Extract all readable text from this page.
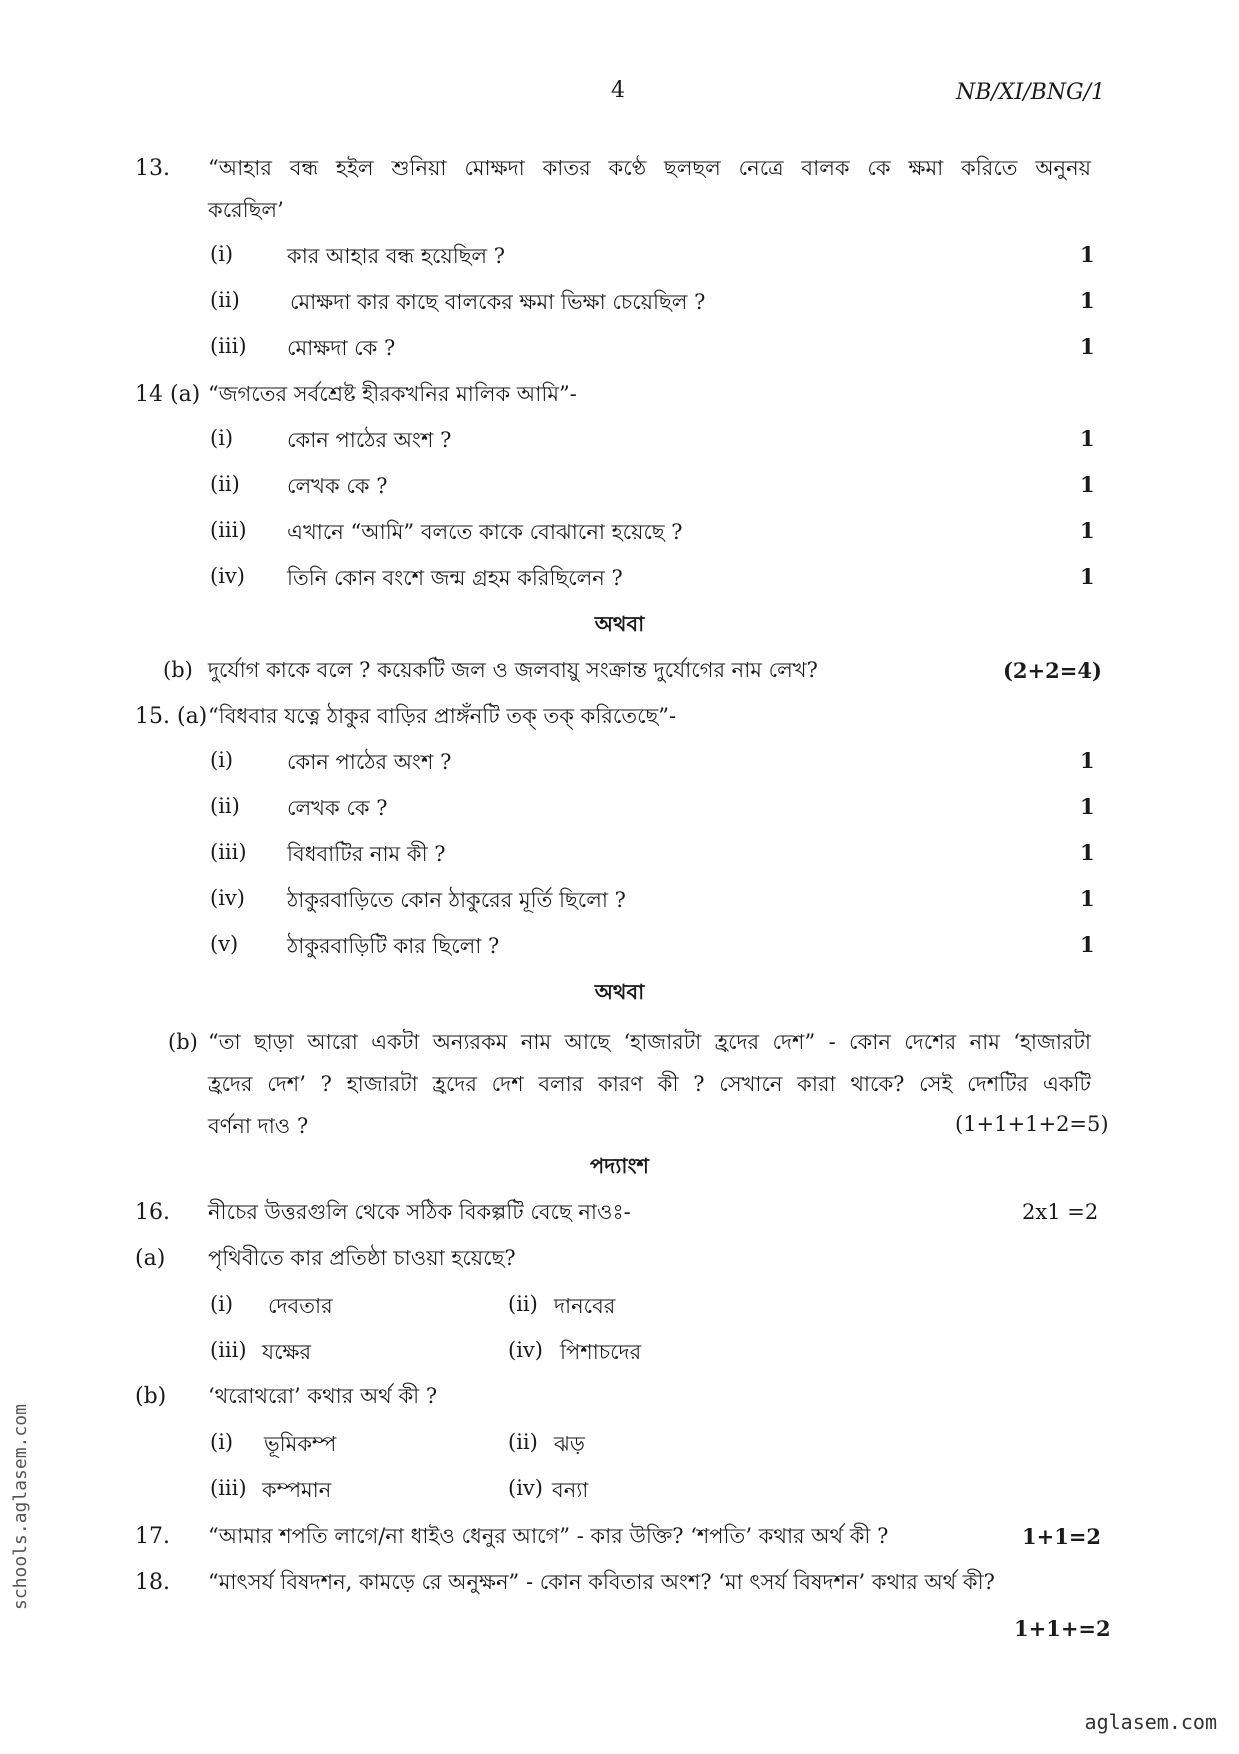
4	NB/XI/BNG/1
13. “আহার বন্ধ হইল শুনিয়া মোক্ষদা কাতর কণ্ঠে ছলছল নেত্রে বালক কে ক্ষমা করিতে অনুনয়
করেছিল’
(i)	কার আহার বন্ধ হয়েছিল ?	1
(ii) মোক্ষদা কার কাছে বালকের ক্ষমা ভিক্ষা চেয়েছিল ?	1
(iii) মোক্ষদা কে ?	1
14 (a) “জগতের সর্বশ্রেষ্ট হীরকখনির মালিক আমি”-
(i)	কোন পাঠের অংশ ?	1
(ii) লেখক কে ?	1
(iii) এখানে “আমি” বলতে কাকে বোঝানো হয়েছে ?	1
(iv) তিনি কোন বংশে জন্ম গ্রহম করিছিলেন ?	1
অথবা
(b) দুর্যোগ কাকে বলে ? কয়েকটি জল ও জলবায়ু সংক্রান্ত দুর্যোগের নাম লেখ?	(2+2=4)
15. (a) “বিধবার যত্নে ঠাকুর বাড়ির প্রাঙ্গঁনটি তক্ তক্ করিতেছে”-
(i)	কোন পাঠের অংশ ?	1
(ii) লেখক কে ?	1
(iii) বিধবাটির নাম কী ?	1
(iv) ঠাকুরবাড়িতে কোন ঠাকুরের মূর্তি ছিলো ?	1
(v) ঠাকুরবাড়িটি কার ছিলো ?	1
অথবা
(b) “তা ছাড়া আরো একটা অন্যরকম নাম আছে ‘হাজারটা হ্রদের দেশ” - কোন দেশের নাম ‘হাজারটা
হ্রদের দেশ’ ? হাজারটা হ্রদের দেশ বলার কারণ কী ? সেখানে কারা থাকে? সেই দেশটির একটি
বর্ণনা দাও ?	(1+1+1+2=5)
পদ্যাংশ
16. নীচের উত্তরগুলি থেকে সঠিক বিকল্পটি বেছে নাওঃ-	2x1 =2
(a) পৃথিবীতে কার প্রতিষ্ঠা চাওয়া হয়েছে?
(i) দেবতার	(ii) দানবের
(iii) যক্ষের	(iv) পিশাচদের
(b) ‘থরোথরো’ কথার অর্থ কী ?
(i) ভূমিকম্প	(ii) ঝড়
(iii) কম্পমান	(iv) বন্যা
17. “আমার শপতি লাগে/না ধাইও ধেনুর আগে” - কার উক্তি? ‘শপতি’ কথার অর্থ কী ?	1+1=2
18. “মাৎসর্য বিষদশন, কামড়ে রে অনুক্ষন” - কোন কবিতার অংশ? ‘মা ৎসর্য বিষদশন’ কথার অর্থ কী?
1+1+=2
schools.aglasem.com
aglasem.com
